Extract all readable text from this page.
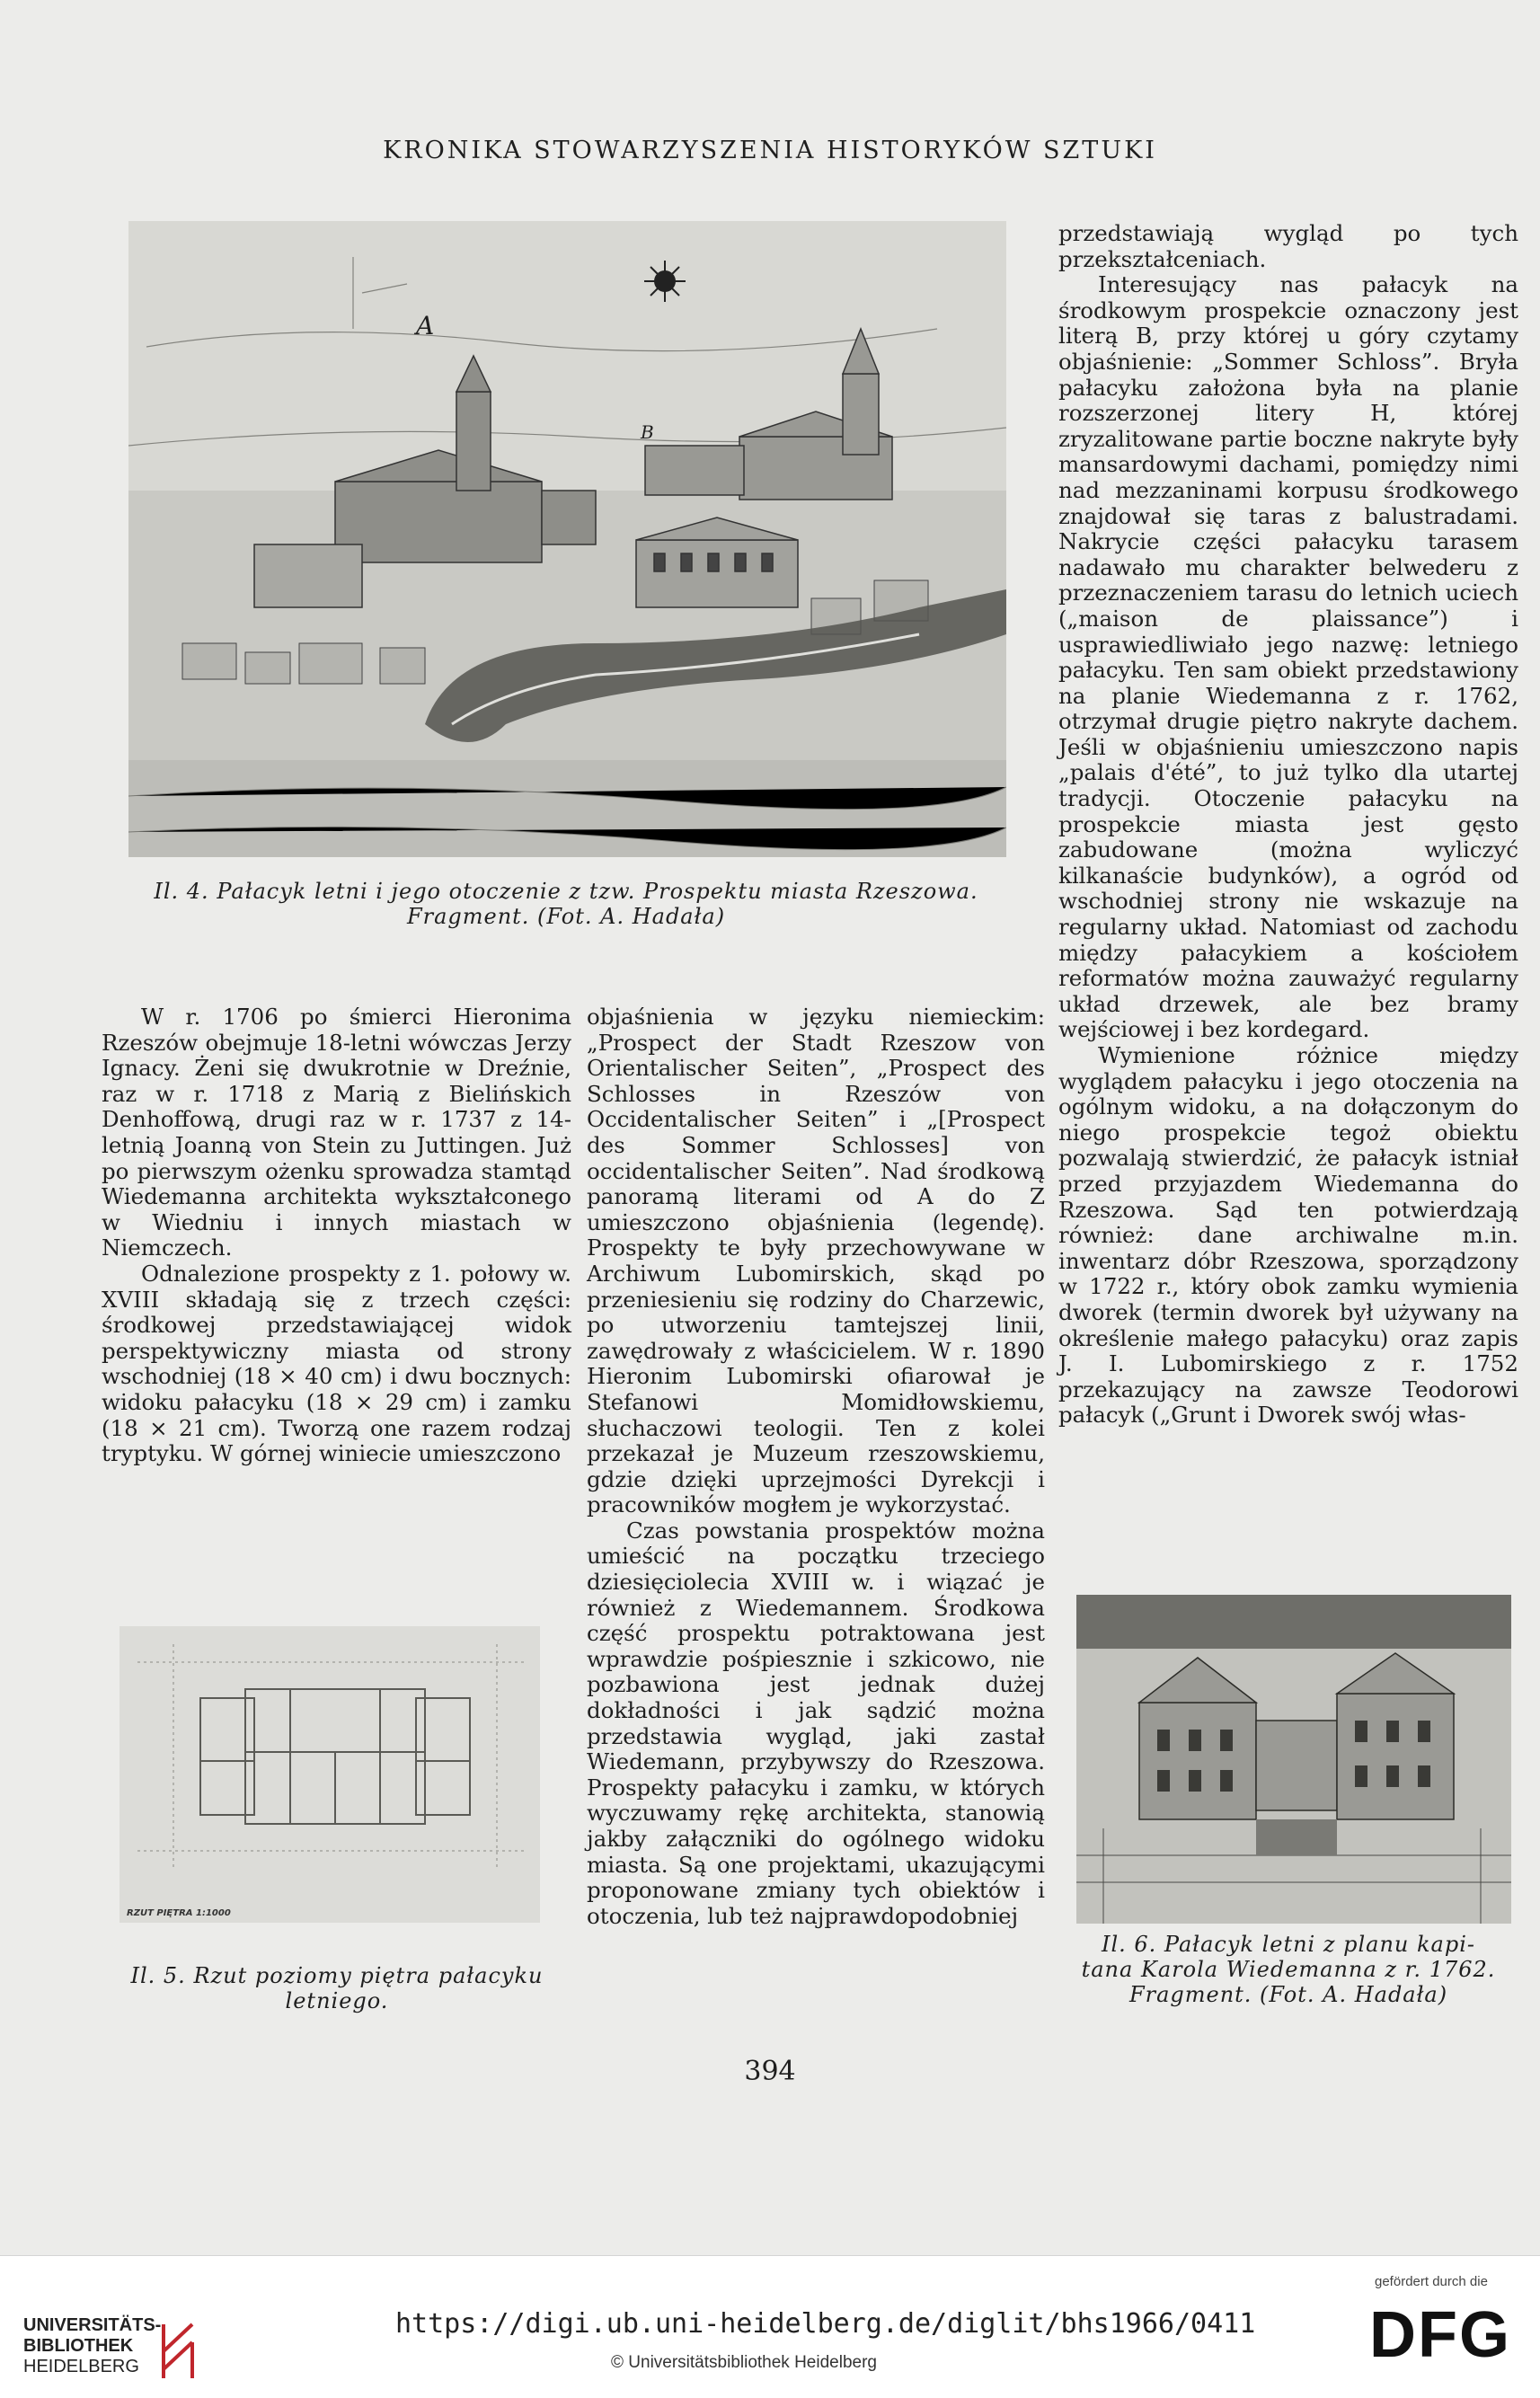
KRONIKA STOWARZYSZENIA HISTORYKÓW SZTUKI
A
B
Il. 4. Pałacyk letni i jego otoczenie z tzw. Prospektu miasta Rzeszowa.
Fragment. (Fot. A. Hadała)

W r. 1706 po śmierci Hieronima Rzeszów obejmuje 18-letni wówczas Jerzy Ignacy. Żeni się dwukrotnie w Dreźnie, raz w r. 1718 z Marią z Bielińskich Denhoffową, drugi raz w r. 1737 z 14-letnią Joanną von Stein zu Juttingen. Już po pierwszym ożenku sprowadza stamtąd Wiedemanna architekta wykształconego w Wiedniu i innych miastach w Niemczech.

Odnalezione prospekty z 1. połowy w. XVIII składają się z trzech części: środkowej przedstawiającej widok perspektywiczny miasta od strony wschodniej (18 × 40 cm) i dwu bocznych: widoku pałacyku (18 × 29 cm) i zamku (18 × 21 cm). Tworzą one razem rodzaj tryptyku. W górnej winiecie umieszczono

RZUT PIĘTRA 1:1000
Il. 5. Rzut poziomy piętra pałacyku
letniego.

objaśnienia w języku niemieckim: „Prospect der Stadt Rzeszow von Orientalischer Seiten”, „Prospect des Schlosses in Rzeszów von Occidentalischer Seiten” i „[Prospect des Sommer Schlosses] von occidentalischer Seiten”. Nad środkową panoramą literami od A do Z umieszczono objaśnienia (legendę). Prospekty te były przechowywane w Archiwum Lubomirskich, skąd po przeniesieniu się rodziny do Charzewic, po utworzeniu tamtejszej linii, zawędrowały z właścicielem. W r. 1890 Hieronim Lubomirski ofiarował je Stefanowi Momidłowskiemu, słuchaczowi teologii. Ten z kolei przekazał je Muzeum rzeszowskiemu, gdzie dzięki uprzejmości Dyrekcji i pracowników mogłem je wykorzystać.

Czas powstania prospektów można umieścić na początku trzeciego dziesięciolecia XVIII w. i wiązać je również z Wiedemannem. Środkowa część prospektu potraktowana jest wprawdzie pośpiesznie i szkicowo, nie pozbawiona jest jednak dużej dokładności i jak sądzić można przedstawia wygląd, jaki zastał Wiedemann, przybywszy do Rzeszowa. Prospekty pałacyku i zamku, w których wyczuwamy rękę architekta, stanowią jakby załączniki do ogólnego widoku miasta. Są one projektami, ukazującymi proponowane zmiany tych obiektów i otoczenia, lub też najprawdopodobniej

przedstawiają wygląd po tych przekształceniach.

Interesujący nas pałacyk na środkowym prospekcie oznaczony jest literą B, przy której u góry czytamy objaśnienie: „Sommer Schloss”. Bryła pałacyku założona była na planie rozszerzonej litery H, której zryzalitowane partie boczne nakryte były mansardowymi dachami, pomiędzy nimi nad mezzaninami korpusu środkowego znajdował się taras z balustradami. Nakrycie części pałacyku tarasem nadawało mu charakter belwederu z przeznaczeniem tarasu do letnich uciech („maison de plaissance”) i usprawiedliwiało jego nazwę: letniego pałacyku. Ten sam obiekt przedstawiony na planie Wiedemanna z r. 1762, otrzymał drugie piętro nakryte dachem. Jeśli w objaśnieniu umieszczono napis „palais d'été”, to już tylko dla utartej tradycji. Otoczenie pałacyku na prospekcie miasta jest gęsto zabudowane (można wyliczyć kilkanaście budynków), a ogród od wschodniej strony nie wskazuje na regularny układ. Natomiast od zachodu między pałacykiem a kościołem reformatów można zauważyć regularny układ drzewek, ale bez bramy wejściowej i bez kordegard.

Wymienione różnice między wyglądem pałacyku i jego otoczenia na ogólnym widoku, a na dołączonym do niego prospekcie tegoż obiektu pozwalają stwierdzić, że pałacyk istniał przed przyjazdem Wiedemanna do Rzeszowa. Sąd ten potwierdzają również: dane archiwalne m.in. inwentarz dóbr Rzeszowa, sporządzony w 1722 r., który obok zamku wymienia dworek (termin dworek był używany na określenie małego pałacyku) oraz zapis J. I. Lubomirskiego z r. 1752 przekazujący na zawsze Teodorowi pałacyk („Grunt i Dworek swój włas-

Il. 6. Pałacyk letni z planu kapi-
tana Karola Wiedemanna z r. 1762.
Fragment. (Fot. A. Hadała)
394
UNIVERSITÄTS-
BIBLIOTHEK
HEIDELBERG
https://digi.ub.uni-heidelberg.de/diglit/bhs1966/0411
© Universitätsbibliothek Heidelberg
gefördert durch die
DFG
